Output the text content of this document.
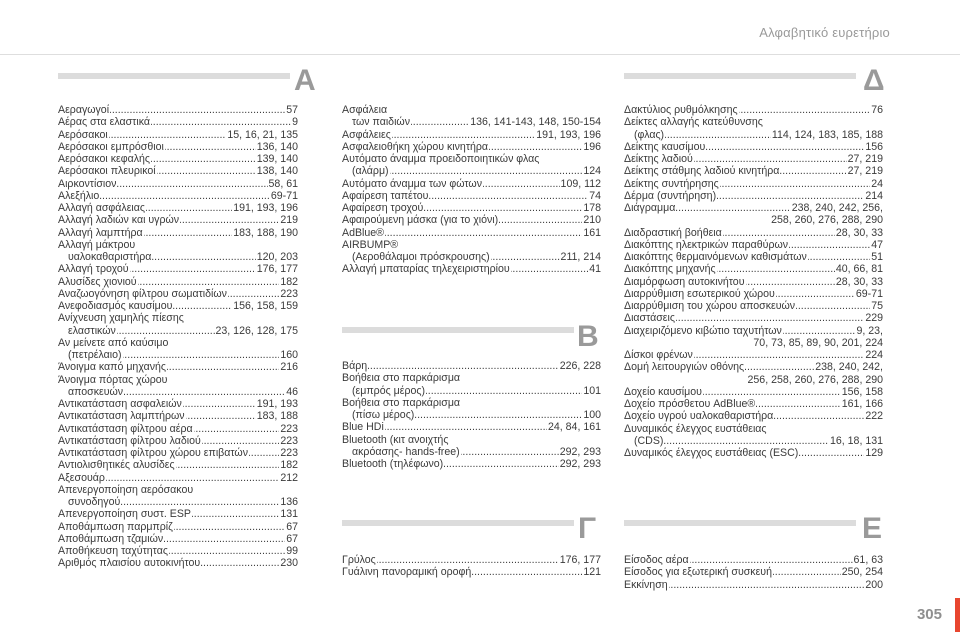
Αλφαβητικό ευρετήριο
A	Δ
B
Γ	Ε
Αεραγωγοί .....	57
Αέρας στα ελαστικά .....	9
Αερόσακοι .....	15, 16, 21, 135
Αερόσακοι εμπρόσθιοι .....	136, 140
Αερόσακοι κεφαλής .....	139, 140
Αερόσακοι πλευρικοί .....	138, 140
Αιρκοντίσιον .....	58, 61
Αλεξήλιο .....	69-71
Αλλαγή ασφάλειας .....	191, 193, 196
Αλλαγή λαδιών και υγρών .....	219
Αλλαγή λαμπτήρα .....	183, 188, 190
Αλλαγή μάκτρου
υαλοκαθαριστήρα .....	120, 203
Αλλαγή τροχού .....	176, 177
Αλυσίδες χιονιού .....	182
Αναζωογόνηση φίλτρου σωματιδίων .....	223
Ανεφοδιασμός καυσίμου .....	156, 158, 159
Ανίχνευση χαμηλής πίεσης
ελαστικών .....	23, 126, 128, 175
Αν μείνετε από καύσιμο
(πετρέλαιο) .....	160
Άνοιγμα καπό μηχανής .....	216
Άνοιγμα πόρτας χώρου
αποσκευών .....	46
Αντικατάσταση ασφαλειών .....	191, 193
Αντικατάσταση λαμπτήρων .....	183, 188
Αντικατάσταση φίλτρου αέρα .....	223
Αντικατάσταση φίλτρου λαδιού .....	223
Αντικατάσταση φίλτρου χώρου επιβατών .....	223
Αντιολισθητικές αλυσίδες .....	182
Αξεσουάρ .....	212
Απενεργοποίηση αερόσακου
συνοδηγού .....	136
Απενεργοποίηση συστ. ESP .....	131
Αποθάμπωση παρμπρίζ .....	67
Αποθάμπωση τζαμιών .....	67
Αποθήκευση ταχύτητας .....	99
Αριθμός πλαισίου αυτοκινήτου .....	230
Ασφάλεια
των παιδιών .....	136, 141-143, 148, 150-154
Ασφάλειες .....	191, 193, 196
Ασφαλειοθήκη χώρου κινητήρα .....	196
Αυτόματο άναμμα προειδοποιητικών φλας
(αλάρμ) .....	124
Αυτόματο άναμμα των φώτων .....	109, 112
Αφαίρεση ταπέτου .....	74
Αφαίρεση τροχού .....	178
Αφαιρούμενη μάσκα (για το χιόνι) .....	210
AdBlue® .....	161
AIRBUMP®
(Αεροθάλαμοι πρόσκρουσης) .....	211, 214
Αλλαγή μπαταρίας τηλεχειριστηρίου .....	41
Βάρη .....	226, 228
Βοήθεια στο παρκάρισμα
(εμπρός μέρος) .....	101
Βοήθεια στο παρκάρισμα
(πίσω μέρος) .....	100
Blue HDi .....	24, 84, 161
Bluetooth (κιτ ανοιχτής
ακρόασης- hands-free) .....	292, 293
Bluetooth (τηλέφωνο) .....	292, 293
Γρύλος .....	176, 177
Γυάλινη πανοραμική οροφή .....	121
Δακτύλιος ρυθμόλκησης .....	76
Δείκτες αλλαγής κατεύθυνσης
(φλας) .....	114, 124, 183, 185, 188
Δείκτης καυσίμου .....	156
Δείκτης λαδιού .....	27, 219
Δείκτης στάθμης λαδιού κινητήρα .....	27, 219
Δείκτης συντήρησης .....	24
Δέρμα (συντήρηση) .....	214
Διάγραμμα .....	238, 240, 242, 256,
258, 260, 276, 288, 290
Διαδραστική βοήθεια .....	28, 30, 33
Διακόπτης ηλεκτρικών παραθύρων .....	47
Διακόπτης θερμαινόμενων καθισμάτων .....	51
Διακόπτης μηχανής .....	40, 66, 81
Διαμόρφωση αυτοκινήτου .....	28, 30, 33
Διαρρύθμιση εσωτερικού χώρου .....	69-71
Διαρρύθμιση του χώρου αποσκευών .....	75
Διαστάσεις .....	229
Διαχειριζόμενο κιβώτιο ταχυτήτων .....	9, 23,
70, 73, 85, 89, 90, 201, 224
Δίσκοι φρένων .....	224
Δομή λειτουργιών οθόνης .....	238, 240, 242,
256, 258, 260, 276, 288, 290
Δοχείο καυσίμου .....	156, 158
Δοχείο πρόσθετου AdBlue® .....	161, 166
Δοχείο υγρού υαλοκαθαριστήρα .....	222
Δυναμικός έλεγχος ευστάθειας
(CDS) .....	16, 18, 131
Δυναμικός έλεγχος ευστάθειας (ESC) .....	129
Είσοδος αέρα .....	61, 63
Είσοδος για εξωτερική συσκευή .....	250, 254
Εκκίνηση .....	200
305
